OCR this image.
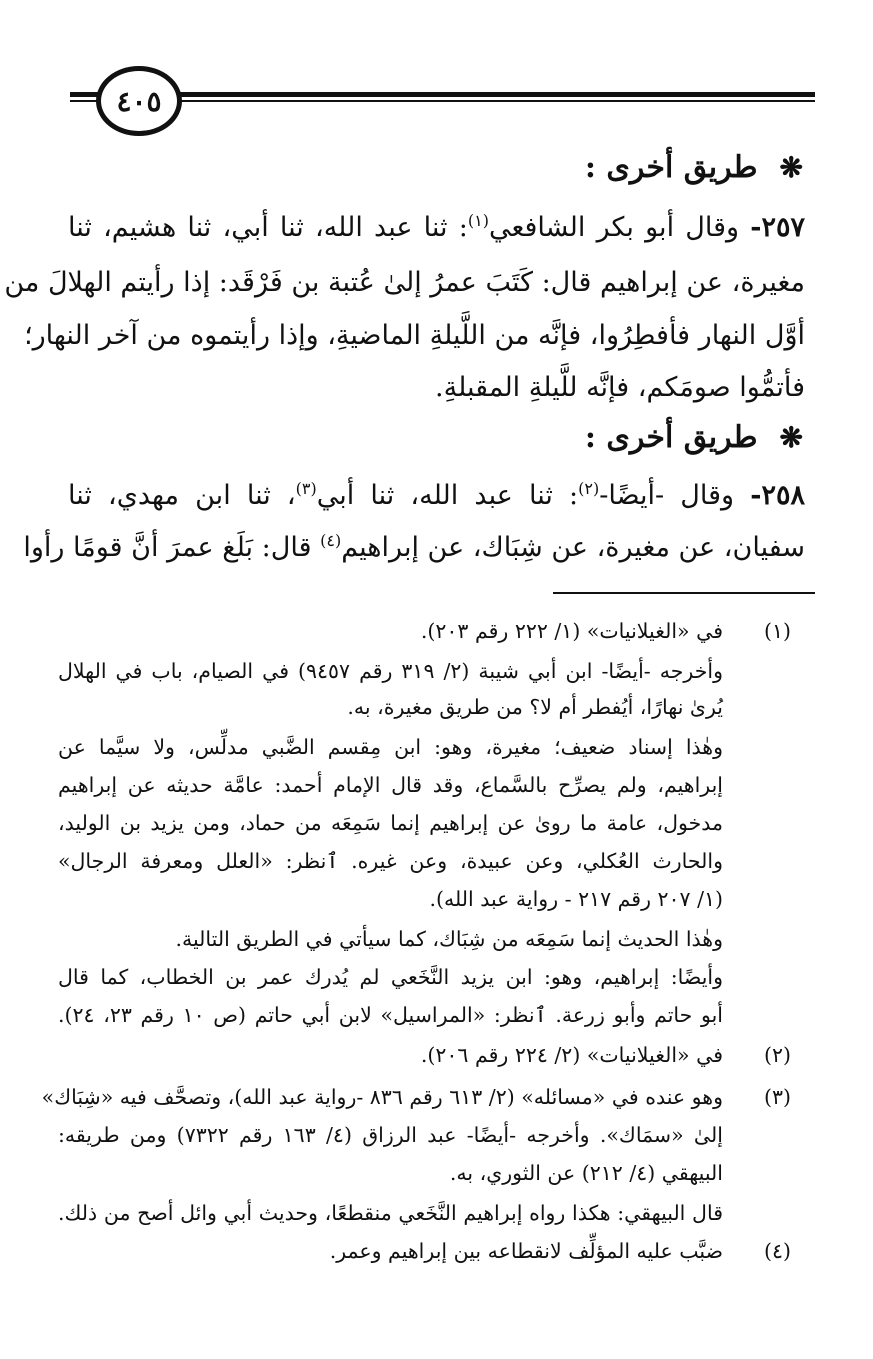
٤٠٥
❋طريق أخرى :
٢٥٧- وقال أبو بكر الشافعي$^{(١)}$: ثنا عبد الله، ثنا أبي، ثنا هشيم، ثنا
مغيرة، عن إبراهيم قال: كَتَبَ عمرُ إلىٰ عُتبة بن فَرْقَد: إذا رأيتم الهلالَ من
أوَّل النهار فأفطِرُوا، فإنَّه من اللَّيلةِ الماضيةِ، وإذا رأيتموه من آخر النهار؛
فأتمُّوا صومَكم، فإنَّه للَّيلةِ المقبلةِ.
❋طريق أخرى :
٢٥٨- وقال -أيضًا-$^{(٢)}$: ثنا عبد الله، ثنا أبي$^{(٣)}$، ثنا ابن مهدي، ثنا
سفيان، عن مغيرة، عن شِبَاك، عن إبراهيم$^{(٤)}$ قال: بَلَغ عمرَ أنَّ قومًا رأوا
(١)
في «الغيلانيات» (١/ ٢٢٢ رقم ٢٠٣).
وأخرجه -أيضًا- ابن أبي شيبة (٢/ ٣١٩ رقم ٩٤٥٧) في الصيام، باب في الهلال
يُرىٰ نهارًا، أيُفطر أم لا؟ من طريق مغيرة، به.
وهٰذا إسناد ضعيف؛ مغيرة، وهو: ابن مِقسم الضَّبي مدلِّس، ولا سيَّما عن
إبراهيم، ولم يصرِّح بالسَّماع، وقد قال الإمام أحمد: عامَّة حديثه عن إبراهيم
مدخول، عامة ما روىٰ عن إبراهيم إنما سَمِعَه من حماد، ومن يزيد بن الوليد،
والحارث العُكلي، وعن عبيدة، وعن غيره. ٱنظر: «العلل ومعرفة الرجال»
(١/ ٢٠٧ رقم ٢١٧ - رواية عبد الله).
وهٰذا الحديث إنما سَمِعَه من شِبَاك، كما سيأتي في الطريق التالية.
وأيضًا: إبراهيم، وهو: ابن يزيد النَّخَعي لم يُدرك عمر بن الخطاب، كما قال
أبو حاتم وأبو زرعة. ٱنظر: «المراسيل» لابن أبي حاتم (ص ١٠ رقم ٢٣، ٢٤).
(٢)
في «الغيلانيات» (٢/ ٢٢٤ رقم ٢٠٦).
(٣)
وهو عنده في «مسائله» (٢/ ٦١٣ رقم ٨٣٦ -رواية عبد الله)، وتصحَّف فيه «شِبَاك»
إلىٰ «سمَاك». وأخرجه -أيضًا- عبد الرزاق (٤/ ١٦٣ رقم ٧٣٢٢) ومن طريقه:
البيهقي (٤/ ٢١٢) عن الثوري، به.
قال البيهقي: هكذا رواه إبراهيم النَّخَعي منقطعًا، وحديث أبي وائل أصح من ذلك.
(٤)
ضبَّب عليه المؤلِّف لانقطاعه بين إبراهيم وعمر.
